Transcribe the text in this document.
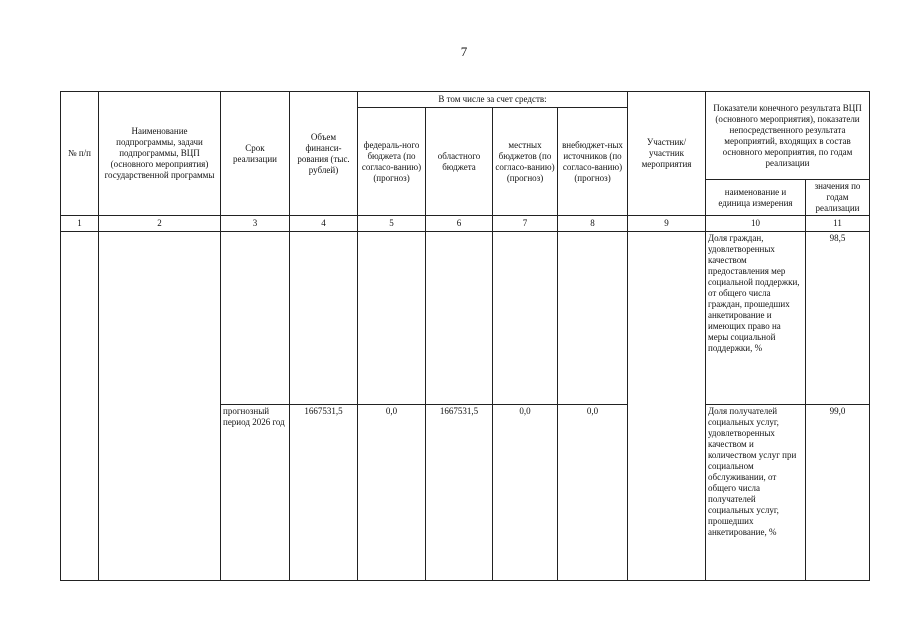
7
№ п/п	Наименование подпрограммы, задачи подпрограммы, ВЦП (основного мероприятия) государственной программы	Срок реализации	Объем финанси-рования (тыс. рублей)	В том числе за счет средств:				Участник/ участник мероприятия	Показатели конечного результата ВЦП (основного мероприятия), показатели непосредственного результата мероприятий, входящих в состав основного мероприятия, по годам реализации	
				федераль-ного бюджета (по согласо-ванию) (прогноз)	областного бюджета	местных бюджетов (по согласо-ванию) (прогноз)	внебюджет-ных источников (по согласо-ванию) (прогноз)			
									наименование и единица измерения	значения по годам реализации
1	2	3	4	5	6	7	8	9	10	11
									Доля граждан, удовлетворенных качеством предоставления мер социальной поддержки, от общего числа граждан, прошедших анкетирование и имеющих право на меры социальной поддержки, %	98,5
		прогнозный период 2026 год	1667531,5	0,0	1667531,5	0,0	0,0		Доля получателей социальных услуг, удовлетворенных качеством и количеством услуг при социальном обслуживании, от общего числа получателей социальных услуг, прошедших анкетирование, %	99,0
